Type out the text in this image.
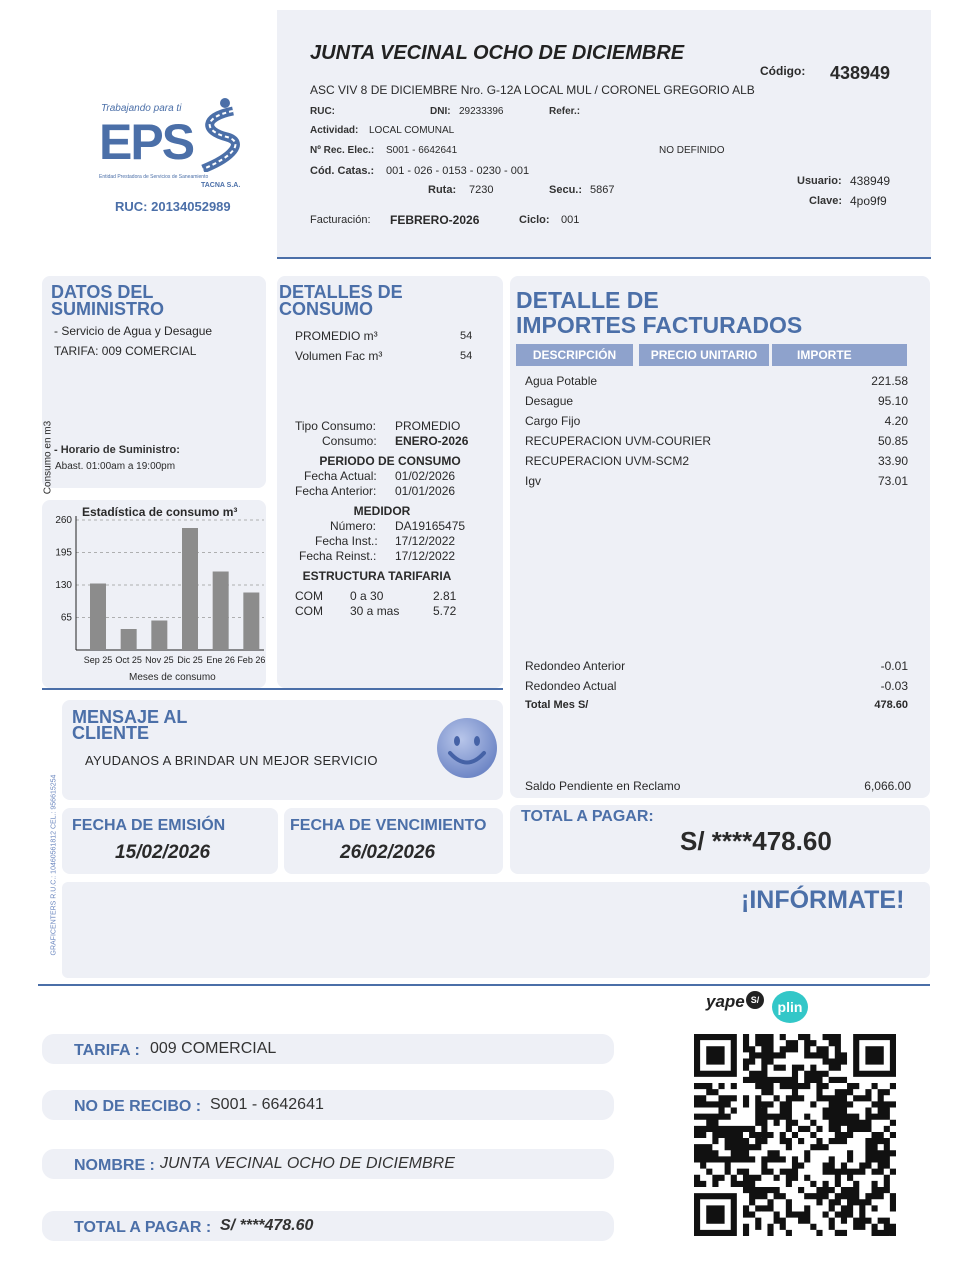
Trabajando para ti
EPS
Entidad Prestadora de Servicios de Saneamiento
TACNA S.A.
RUC: 20134052989
JUNTA VECINAL OCHO DE DICIEMBRE
Código: 438949
ASC VIV 8 DE DICIEMBRE Nro. G-12A LOCAL MUL / CORONEL GREGORIO ALB
RUC:	DNI: 29233396	Refer.:
Actividad: LOCAL COMUNAL
Nº Rec. Elec.: S001 - 6642641	NO DEFINIDO
Cód. Catas.: 001 - 026 - 0153 - 0230 - 001
Ruta: 7230	Secu.: 5867
Usuario: 438949
Clave: 4po9f9
Facturación: FEBRERO-2026	Ciclo: 001
DATOS DEL
SUMINISTRO
- Servicio de Agua y Desague
TARIFA: 009 COMERCIAL
Consumo en m3 - Horario de Suministro:
Abast. 01:00am a 19:00pm
Estadística de consumo m³
65
130
195
260
Sep 25 Oct 25 Nov 25 Dic 25 Ene 26 Feb 26
Meses de consumo
DETALLES DE
CONSUMO
PROMEDIO m³	54
Volumen Fac m³	54
Tipo Consumo: PROMEDIO
Consumo: ENERO-2026
PERIODO DE CONSUMO
Fecha Actual: 01/02/2026
Fecha Anterior: 01/01/2026
MEDIDOR
Número: DA19165475
Fecha Inst.: 17/12/2022
Fecha Reinst.: 17/12/2022
ESTRUCTURA TARIFARIA
COM 0 a 30	2.81
COM 30 a mas	5.72
DETALLE DE
IMPORTES FACTURADOS
DESCRIPCIÓN	PRECIO UNITARIO	IMPORTE
Agua Potable	221.58
Desague	95.10
Cargo Fijo	4.20
RECUPERACION UVM-COURIER	50.85
RECUPERACION UVM-SCM2	33.90
Igv	73.01
Redondeo Anterior	-0.01
Redondeo Actual	-0.03
Total Mes S/	478.60
Saldo Pendiente en Reclamo	6,066.00
MENSAJE AL
CLIENTE
AYUDANOS A BRINDAR UN MEJOR SERVICIO
GRAFICENTERS R.U.C.: 10460561812 CEL.: 956615254 FECHA DE EMISIÓN
15/02/2026
FECHA DE VENCIMIENTO
26/02/2026
TOTAL A PAGAR:
S/ ****478.60
¡INFÓRMATE!
yape S/	plin
TARIFA : 009 COMERCIAL
NO DE RECIBO : S001 - 6642641
NOMBRE : JUNTA VECINAL OCHO DE DICIEMBRE
TOTAL A PAGAR : S/ ****478.60
